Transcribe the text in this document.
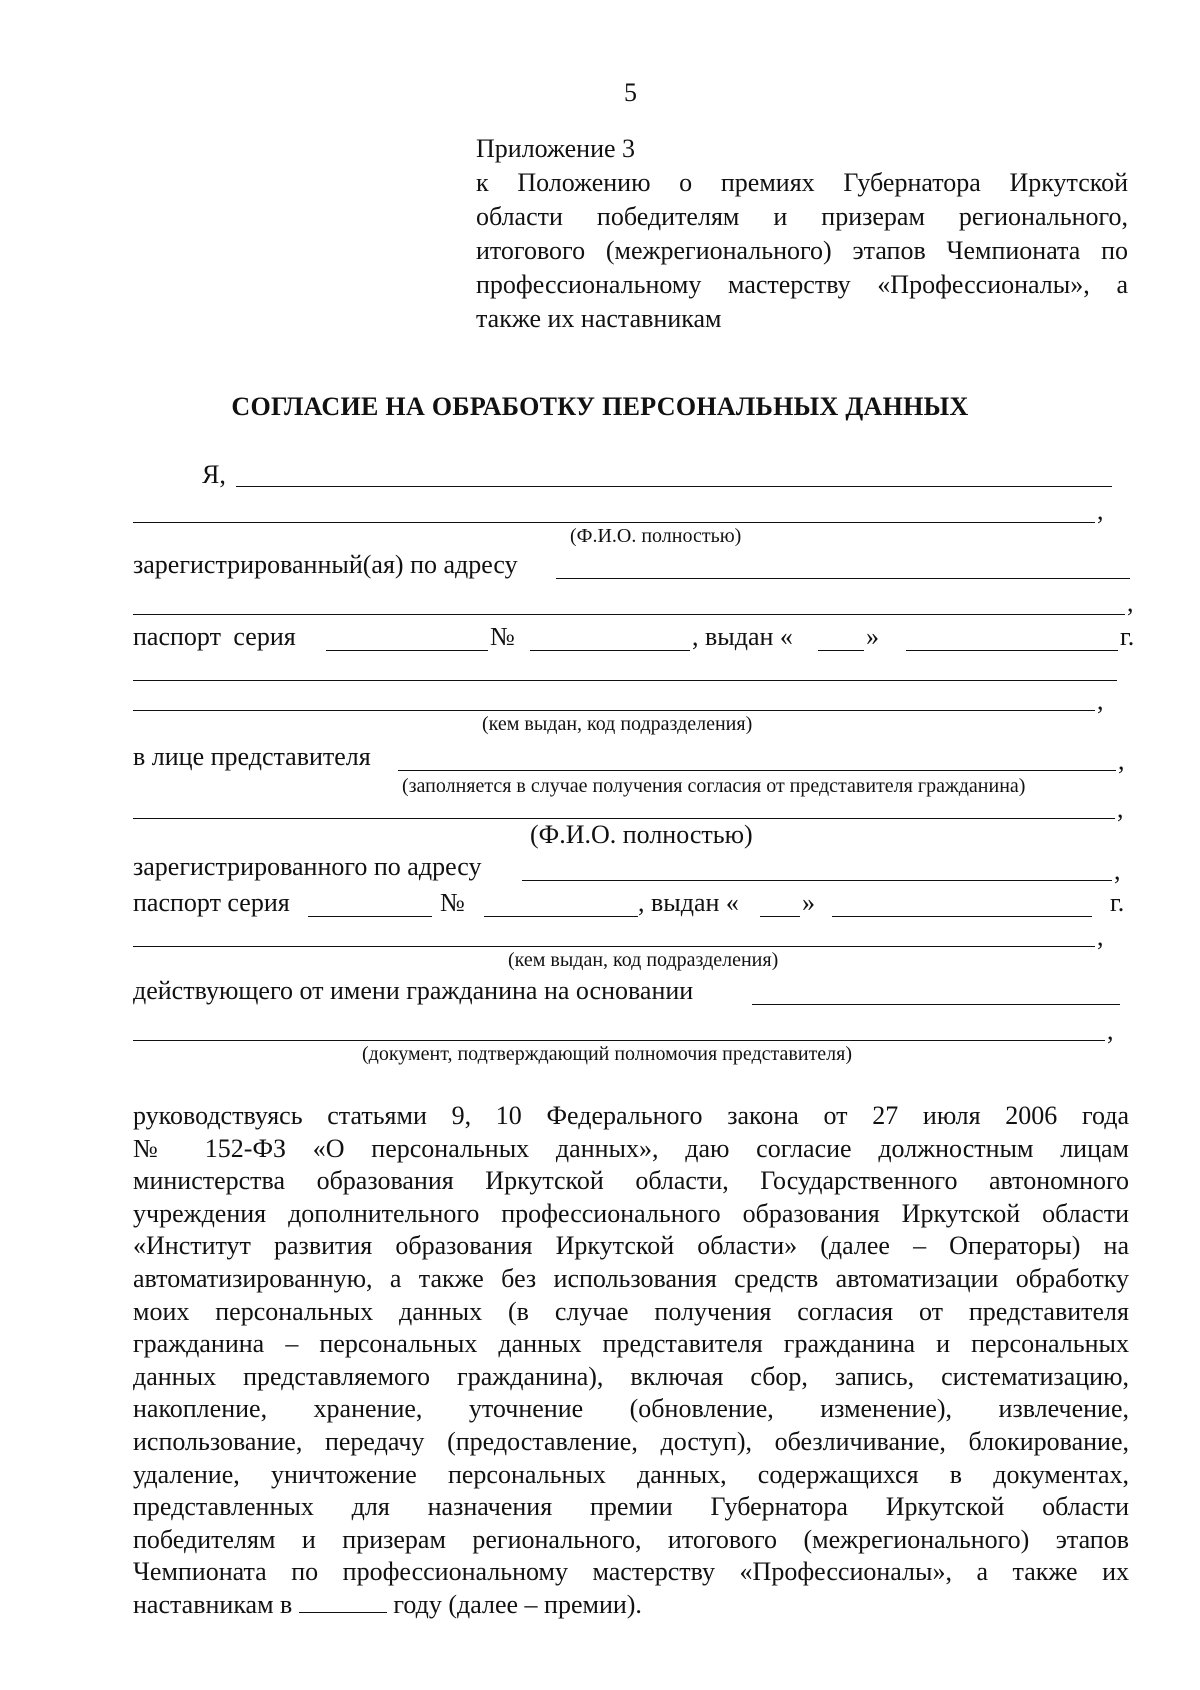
5
Приложение 3
к Положению о премиях Губернатора Иркутской
области победителям и призерам регионального,
итогового (межрегионального) этапов Чемпионата по
профессиональному мастерству «Профессионалы», а
также их наставникам
СОГЛАСИЕ НА ОБРАБОТКУ ПЕРСОНАЛЬНЫХ ДАННЫХ
Я,
,
(Ф.И.О. полностью)
зарегистрированный(ая) по адресу
,
паспорт серия	№	, выдан «	»	г.
,
(кем выдан, код подразделения)
в лице представителя	,
(заполняется в случае получения согласия от представителя гражданина)
,
(Ф.И.О. полностью)
зарегистрированного по адресу	,
паспорт серия	№	, выдан « »	г.
,
(кем выдан, код подразделения)
действующего от имени гражданина на основании
,
(документ, подтверждающий полномочия представителя)
руководствуясь статьями 9, 10 Федерального закона от 27 июля 2006 года
№ 152-ФЗ «О персональных данных», даю согласие должностным лицам
министерства образования Иркутской области, Государственного автономного
учреждения дополнительного профессионального образования Иркутской области
«Институт развития образования Иркутской области» (далее – Операторы) на
автоматизированную, а также без использования средств автоматизации обработку
моих персональных данных (в случае получения согласия от представителя
гражданина – персональных данных представителя гражданина и персональных
данных представляемого гражданина), включая сбор, запись, систематизацию,
накопление, хранение, уточнение (обновление, изменение), извлечение,
использование, передачу (предоставление, доступ), обезличивание, блокирование,
удаление, уничтожение персональных данных, содержащихся в документах,
представленных для назначения премии Губернатора Иркутской области
победителям и призерам регионального, итогового (межрегионального) этапов
Чемпионата по профессиональному мастерству «Профессионалы», а также их
наставникам в	году (далее – премии).
